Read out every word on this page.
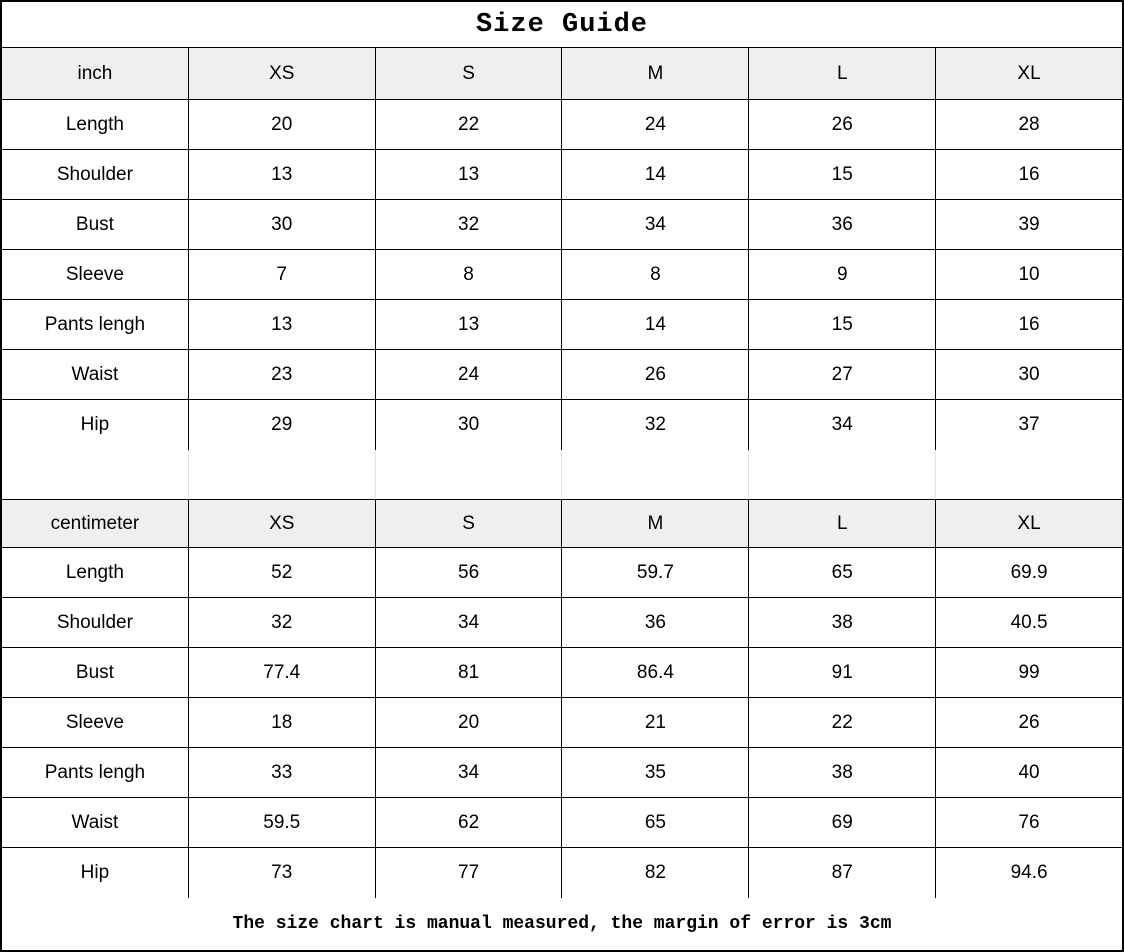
Size Guide
inch	XS	S	M	L	XL
Length	20	22	24	26	28
Shoulder	13	13	14	15	16
Bust	30	32	34	36	39
Sleeve	7	8	8	9	10
Pants lengh	13	13	14	15	16
Waist	23	24	26	27	30
Hip	29	30	32	34	37
centimeter	XS	S	M	L	XL
Length	52	56	59.7	65	69.9
Shoulder	32	34	36	38	40.5
Bust	77.4	81	86.4	91	99
Sleeve	18	20	21	22	26
Pants lengh	33	34	35	38	40
Waist	59.5	62	65	69	76
Hip	73	77	82	87	94.6
The size chart is manual measured, the margin of error is 3cm
